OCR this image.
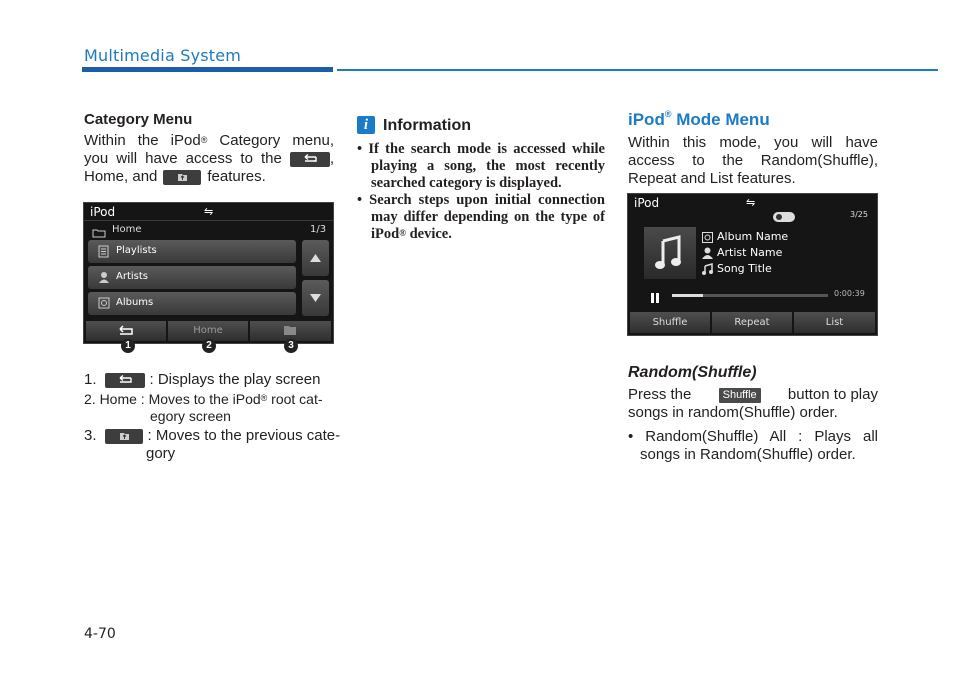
Multimedia System
Category Menu
Within the iPod® Category menu,
you will have access to the	,
Home, and	features.
iPod	⇋
Home	1/3
Playlists
Artists
Albums
Home
1	2	3
1.	: Displays the play screen
2. Home : Moves to the iPod® root cat-
egory screen
3.	: Moves to the previous cate-
gory
i Information
• If the search mode is accessed while
playing a song, the most recently
searched category is displayed.
• Search steps upon initial connection
may differ depending on the type of
iPod® device.
iPod® Mode Menu
Within this mode, you will have
access to the Random(Shuffle),
Repeat and List features.
iPod	⇋
3/25
Album Name
Artist Name
Song Title
0:00:39
Shuffle	Repeat	List
Random(Shuffle)
Press the	Shuffle button to play
songs in random(Shuffle) order.
• Random(Shuffle) All : Plays all
songs in Random(Shuffle) order.
4-70
